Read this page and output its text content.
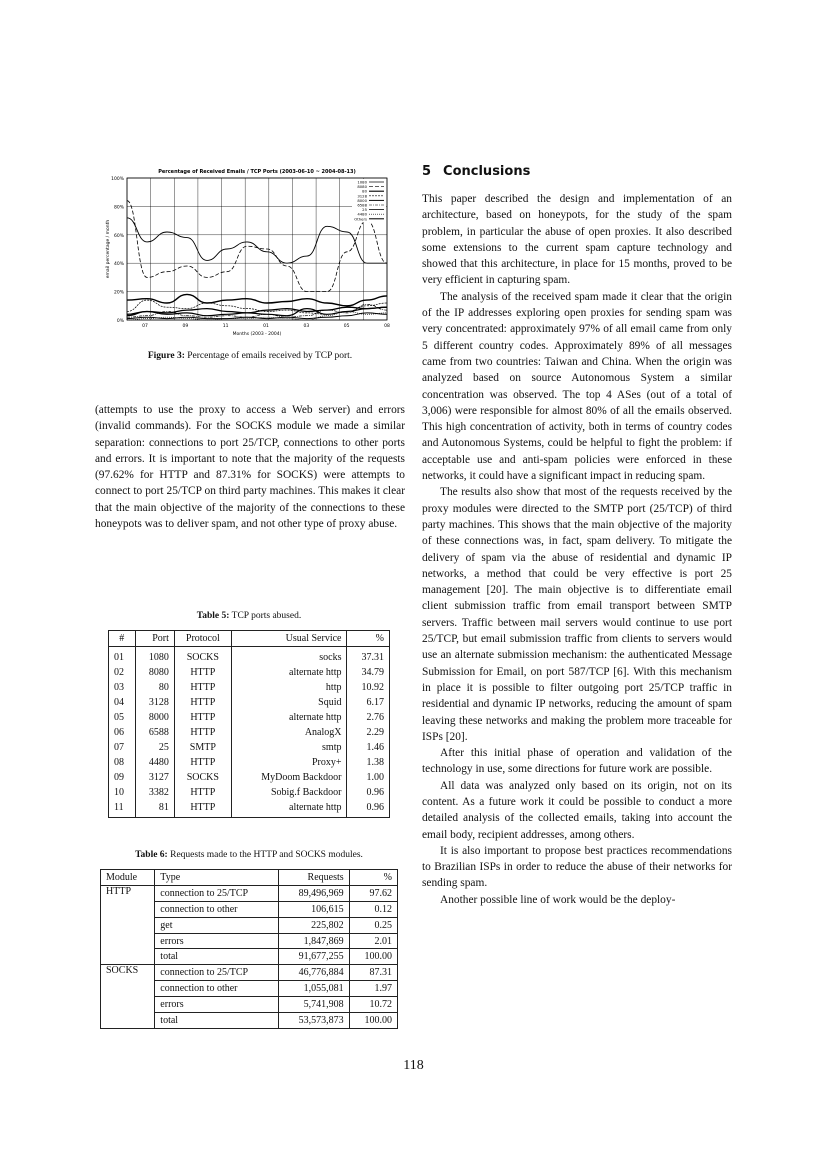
Percentage of Received Emails / TCP Ports (2003-06-10 ~ 2004-08-13)
0%
20%
40%
60%
80%
100%
07	09	11	01	03	05	08
Months (2003 - 2004)
email percentage / month
1080
8080
80
3128
8000
6588
25
4480
Others
Figure 3: Percentage of emails received by TCP port.

(attempts to use the proxy to access a Web server) and errors (invalid commands). For the SOCKS module we made a similar separation: connections to port 25/TCP, connections to other ports and errors. It is important to note that the majority of the requests (97.62% for HTTP and 87.31% for SOCKS) were attempts to connect to port 25/TCP on third party machines. This makes it clear that the main objective of the majority of the connections to these honeypots was to deliver spam, and not other type of proxy abuse.

Table 5: TCP ports abused.
#	Port	Protocol	Usual Service	%
01	1080	SOCKS	socks	37.31
02	8080	HTTP	alternate http	34.79
03	80	HTTP	http	10.92
04	3128	HTTP	Squid	6.17
05	8000	HTTP	alternate http	2.76
06	6588	HTTP	AnalogX	2.29
07	25	SMTP	smtp	1.46
08	4480	HTTP	Proxy+	1.38
09	3127	SOCKS	MyDoom Backdoor	1.00
10	3382	HTTP	Sobig.f Backdoor	0.96
11	81	HTTP	alternate http	0.96
Table 6: Requests made to the HTTP and SOCKS modules.
Module	Type	Requests	%
HTTP	connection to 25/TCP	89,496,969	97.62
	connection to other	106,615	0.12
	get	225,802	0.25
	errors	1,847,869	2.01
	total	91,677,255	100.00
SOCKS	connection to 25/TCP	46,776,884	87.31
	connection to other	1,055,081	1.97
	errors	5,741,908	10.72
	total	53,573,873	100.00
5 Conclusions

This paper described the design and implementation of an architecture, based on honeypots, for the study of the spam problem, in particular the abuse of open proxies. It also described some extensions to the current spam capture technology and showed that this architecture, in place for 15 months, proved to be very efficient in capturing spam.

The analysis of the received spam made it clear that the origin of the IP addresses exploring open proxies for sending spam was very concentrated: approximately 97% of all email came from only 5 different country codes. Approximately 89% of all messages came from two countries: Taiwan and China. When the origin was analyzed based on source Autonomous System a similar concentration was observed. The top 4 ASes (out of a total of 3,006) were responsible for almost 80% of all the emails observed. This high concentration of activity, both in terms of country codes and Autonomous Systems, could be helpful to fight the problem: if acceptable use and anti-spam policies were enforced in these networks, it could have a significant impact in reducing spam.

The results also show that most of the requests received by the proxy modules were directed to the SMTP port (25/TCP) of third party machines. This shows that the main objective of the majority of these connections was, in fact, spam delivery. To mitigate the delivery of spam via the abuse of residential and dynamic IP networks, a method that could be very effective is port 25 management [20]. The main objective is to differentiate email client submission traffic from email transport between SMTP servers. Traffic between mail servers would continue to use port 25/TCP, but email submission traffic from clients to servers would use an alternate submission mechanism: the authenticated Message Submission for Email, on port 587/TCP [6]. With this mechanism in place it is possible to filter outgoing port 25/TCP traffic in residential and dynamic IP networks, reducing the amount of spam leaving these networks and making the problem more traceable for ISPs [20].

After this initial phase of operation and validation of the technology in use, some directions for future work are possible.

All data was analyzed only based on its origin, not on its content. As a future work it could be possible to conduct a more detailed analysis of the collected emails, taking into account the email body, recipient addresses, among others.

It is also important to propose best practices recommendations to Brazilian ISPs in order to reduce the abuse of their networks for sending spam.

Another possible line of work would be the deploy-

118
